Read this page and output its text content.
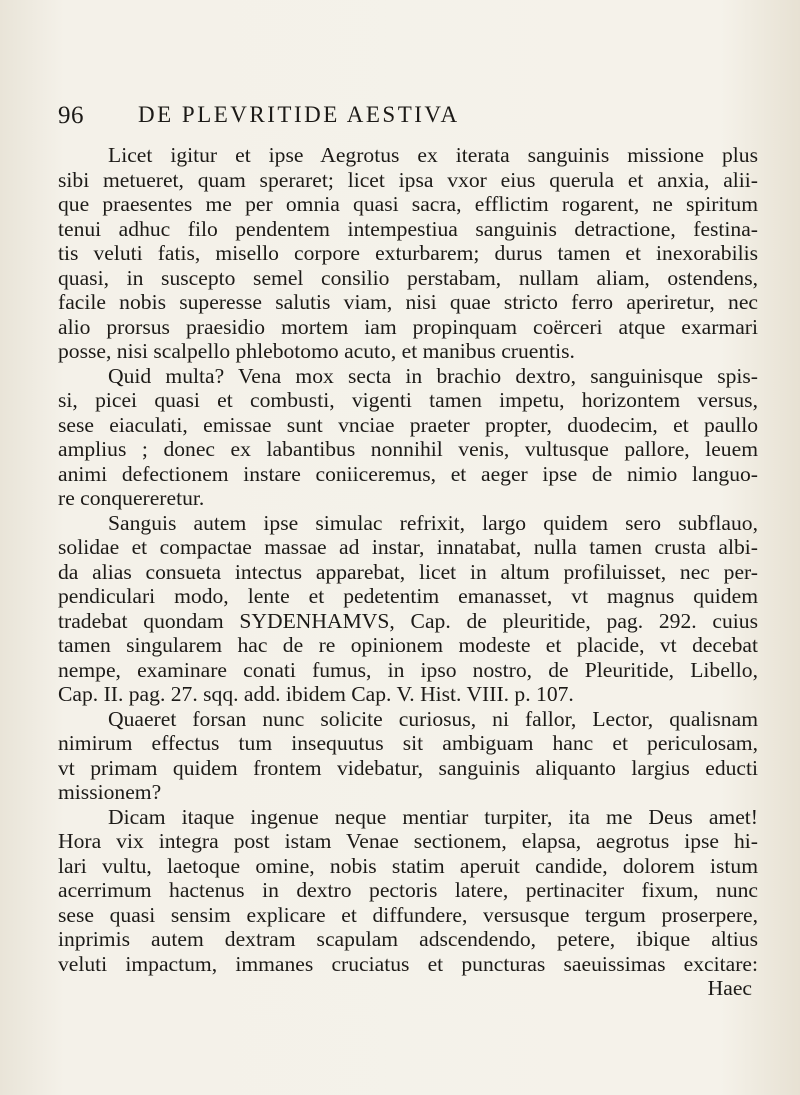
96 DE PLEVRITIDE AESTIVA
Licet igitur et ipse Aegrotus ex iterata sanguinis missione plus
sibi metueret, quam speraret; licet ipsa vxor eius querula et anxia, alii-
que praesentes me per omnia quasi sacra, efflictim rogarent, ne spiritum
tenui adhuc filo pendentem intempestiua sanguinis detractione, festina-
tis veluti fatis, misello corpore exturbarem; durus tamen et inexorabilis
quasi, in suscepto semel consilio perstabam, nullam aliam, ostendens,
facile nobis superesse salutis viam, nisi quae stricto ferro aperiretur, nec
alio prorsus praesidio mortem iam propinquam coërceri atque exarmari
posse, nisi scalpello phlebotomo acuto, et manibus cruentis.
Quid multa? Vena mox secta in brachio dextro, sanguinisque spis-
si, picei quasi et combusti, vigenti tamen impetu, horizontem versus,
sese eiaculati, emissae sunt vnciae praeter propter, duodecim, et paullo
amplius ; donec ex labantibus nonnihil venis, vultusque pallore, leuem
animi defectionem instare coniiceremus, et aeger ipse de nimio languo-
re conquereretur.
Sanguis autem ipse simulac refrixit, largo quidem sero subflauo,
solidae et compactae massae ad instar, innatabat, nulla tamen crusta albi-
da alias consueta intectus apparebat, licet in altum profiluisset, nec per-
pendiculari modo, lente et pedetentim emanasset, vt magnus quidem
tradebat quondam SYDENHAMVS, Cap. de pleuritide, pag. 292. cuius
tamen singularem hac de re opinionem modeste et placide, vt decebat
nempe, examinare conati fumus, in ipso nostro, de Pleuritide, Libello,
Cap. II. pag. 27. sqq. add. ibidem Cap. V. Hist. VIII. p. 107.
Quaeret forsan nunc solicite curiosus, ni fallor, Lector, qualisnam
nimirum effectus tum insequutus sit ambiguam hanc et periculosam,
vt primam quidem frontem videbatur, sanguinis aliquanto largius educti
missionem?
Dicam itaque ingenue neque mentiar turpiter, ita me Deus amet!
Hora vix integra post istam Venae sectionem, elapsa, aegrotus ipse hi-
lari vultu, laetoque omine, nobis statim aperuit candide, dolorem istum
acerrimum hactenus in dextro pectoris latere, pertinaciter fixum, nunc
sese quasi sensim explicare et diffundere, versusque tergum proserpere,
inprimis autem dextram scapulam adscendendo, petere, ibique altius
veluti impactum, immanes cruciatus et puncturas saeuissimas excitare:
Haec
